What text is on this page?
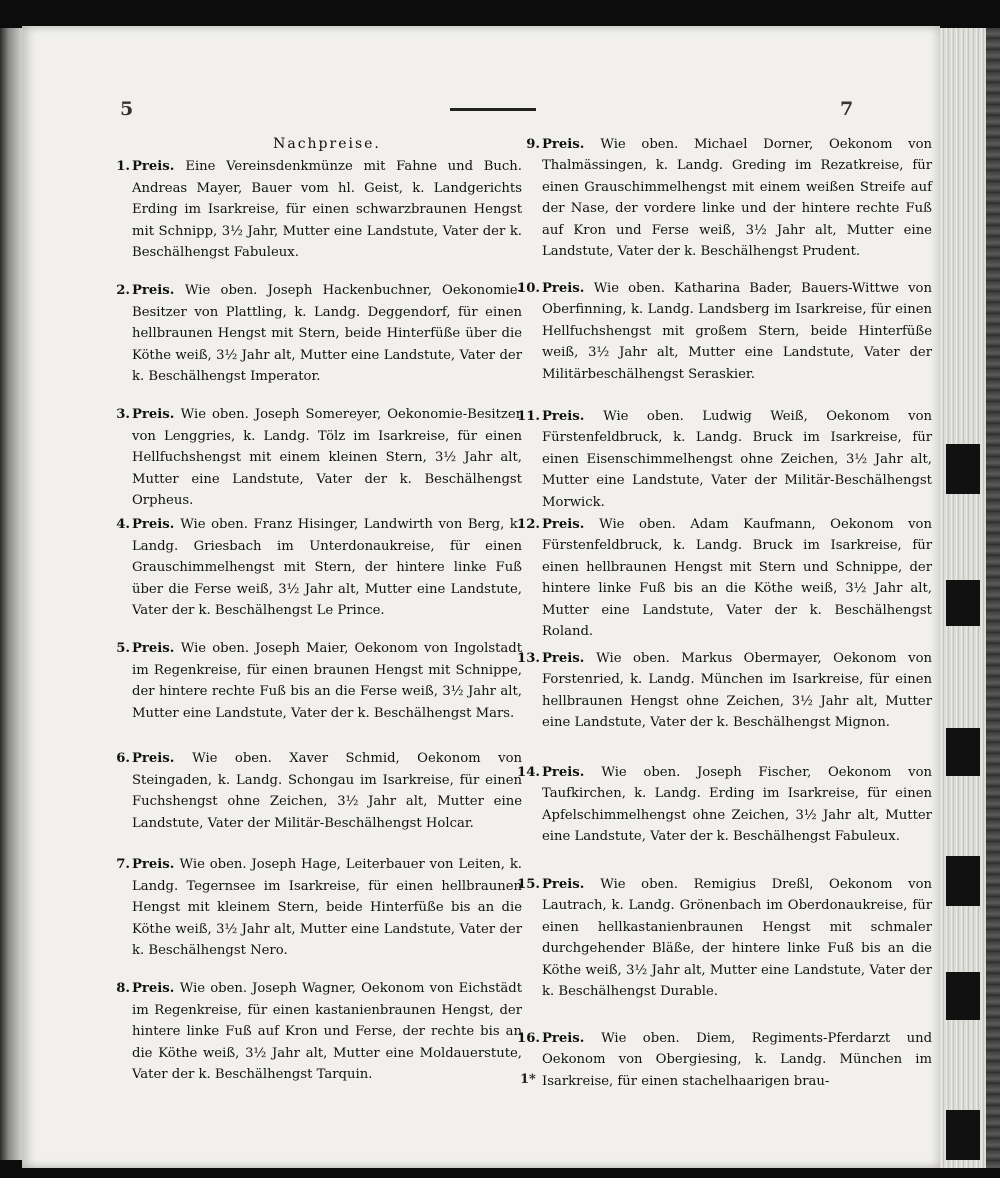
5	7
Nachpreise.
1. Preis. Eine Vereinsdenkmünze mit Fahne und Buch. Andreas Mayer, Bauer vom hl. Geist, k. Landgerichts Erding im Isarkreise, für einen schwarzbraunen Hengst mit Schnipp, 3½ Jahr, Mutter eine Landstute, Vater der k. Beschälhengst Fabuleux.
2. Preis. Wie oben. Joseph Hackenbuchner, Oekonomie-Besitzer von Plattling, k. Landg. Deggendorf, für einen hellbraunen Hengst mit Stern, beide Hinterfüße über die Köthe weiß, 3½ Jahr alt, Mutter eine Landstute, Vater der k. Beschälhengst Imperator.
3. Preis. Wie oben. Joseph Somereyer, Oekonomie-Besitzer von Lenggries, k. Landg. Tölz im Isarkreise, für einen Hellfuchshengst mit einem kleinen Stern, 3½ Jahr alt, Mutter eine Landstute, Vater der k. Beschälhengst Orpheus.
4. Preis. Wie oben. Franz Hisinger, Landwirth von Berg, k. Landg. Griesbach im Unterdonaukreise, für einen Grauschimmelhengst mit Stern, der hintere linke Fuß über die Ferse weiß, 3½ Jahr alt, Mutter eine Landstute, Vater der k. Beschälhengst Le Prince.
5. Preis. Wie oben. Joseph Maier, Oekonom von Ingolstadt im Regenkreise, für einen braunen Hengst mit Schnippe, der hintere rechte Fuß bis an die Ferse weiß, 3½ Jahr alt, Mutter eine Landstute, Vater der k. Beschälhengst Mars.
6. Preis. Wie oben. Xaver Schmid, Oekonom von Steingaden, k. Landg. Schongau im Isarkreise, für einen Fuchshengst ohne Zeichen, 3½ Jahr alt, Mutter eine Landstute, Vater der Militär-Beschälhengst Holcar.
7. Preis. Wie oben. Joseph Hage, Leiterbauer von Leiten, k. Landg. Tegernsee im Isarkreise, für einen hellbraunen Hengst mit kleinem Stern, beide Hinterfüße bis an die Köthe weiß, 3½ Jahr alt, Mutter eine Landstute, Vater der k. Beschälhengst Nero.
8. Preis. Wie oben. Joseph Wagner, Oekonom von Eichstädt im Regenkreise, für einen kastanienbraunen Hengst, der hintere linke Fuß auf Kron und Ferse, der rechte bis an die Köthe weiß, 3½ Jahr alt, Mutter eine Moldauerstute, Vater der k. Beschälhengst Tarquin.
9. Preis. Wie oben. Michael Dorner, Oekonom von Thalmässingen, k. Landg. Greding im Rezatkreise, für einen Grauschimmelhengst mit einem weißen Streife auf der Nase, der vordere linke und der hintere rechte Fuß auf Kron und Ferse weiß, 3½ Jahr alt, Mutter eine Landstute, Vater der k. Beschälhengst Prudent.
10. Preis. Wie oben. Katharina Bader, Bauers-Wittwe von Oberfinning, k. Landg. Landsberg im Isarkreise, für einen Hellfuchshengst mit großem Stern, beide Hinterfüße weiß, 3½ Jahr alt, Mutter eine Landstute, Vater der Militärbeschälhengst Seraskier.
11. Preis. Wie oben. Ludwig Weiß, Oekonom von Fürstenfeldbruck, k. Landg. Bruck im Isarkreise, für einen Eisenschimmelhengst ohne Zeichen, 3½ Jahr alt, Mutter eine Landstute, Vater der Militär-Beschälhengst Morwick.
12. Preis. Wie oben. Adam Kaufmann, Oekonom von Fürstenfeldbruck, k. Landg. Bruck im Isarkreise, für einen hellbraunen Hengst mit Stern und Schnippe, der hintere linke Fuß bis an die Köthe weiß, 3½ Jahr alt, Mutter eine Landstute, Vater der k. Beschälhengst Roland.
13. Preis. Wie oben. Markus Obermayer, Oekonom von Forstenried, k. Landg. München im Isarkreise, für einen hellbraunen Hengst ohne Zeichen, 3½ Jahr alt, Mutter eine Landstute, Vater der k. Beschälhengst Mignon.
14. Preis. Wie oben. Joseph Fischer, Oekonom von Taufkirchen, k. Landg. Erding im Isarkreise, für einen Apfelschimmelhengst ohne Zeichen, 3½ Jahr alt, Mutter eine Landstute, Vater der k. Beschälhengst Fabuleux.
15. Preis. Wie oben. Remigius Dreßl, Oekonom von Lautrach, k. Landg. Grönenbach im Oberdonaukreise, für einen hellkastanienbraunen Hengst mit schmaler durchgehender Bläße, der hintere linke Fuß bis an die Köthe weiß, 3½ Jahr alt, Mutter eine Landstute, Vater der k. Beschälhengst Durable.
16. Preis. Wie oben. Diem, Regiments-Pferdarzt und Oekonom von Obergiesing, k. Landg. München im Isarkreise, für einen stachelhaarigen brau-
1*
